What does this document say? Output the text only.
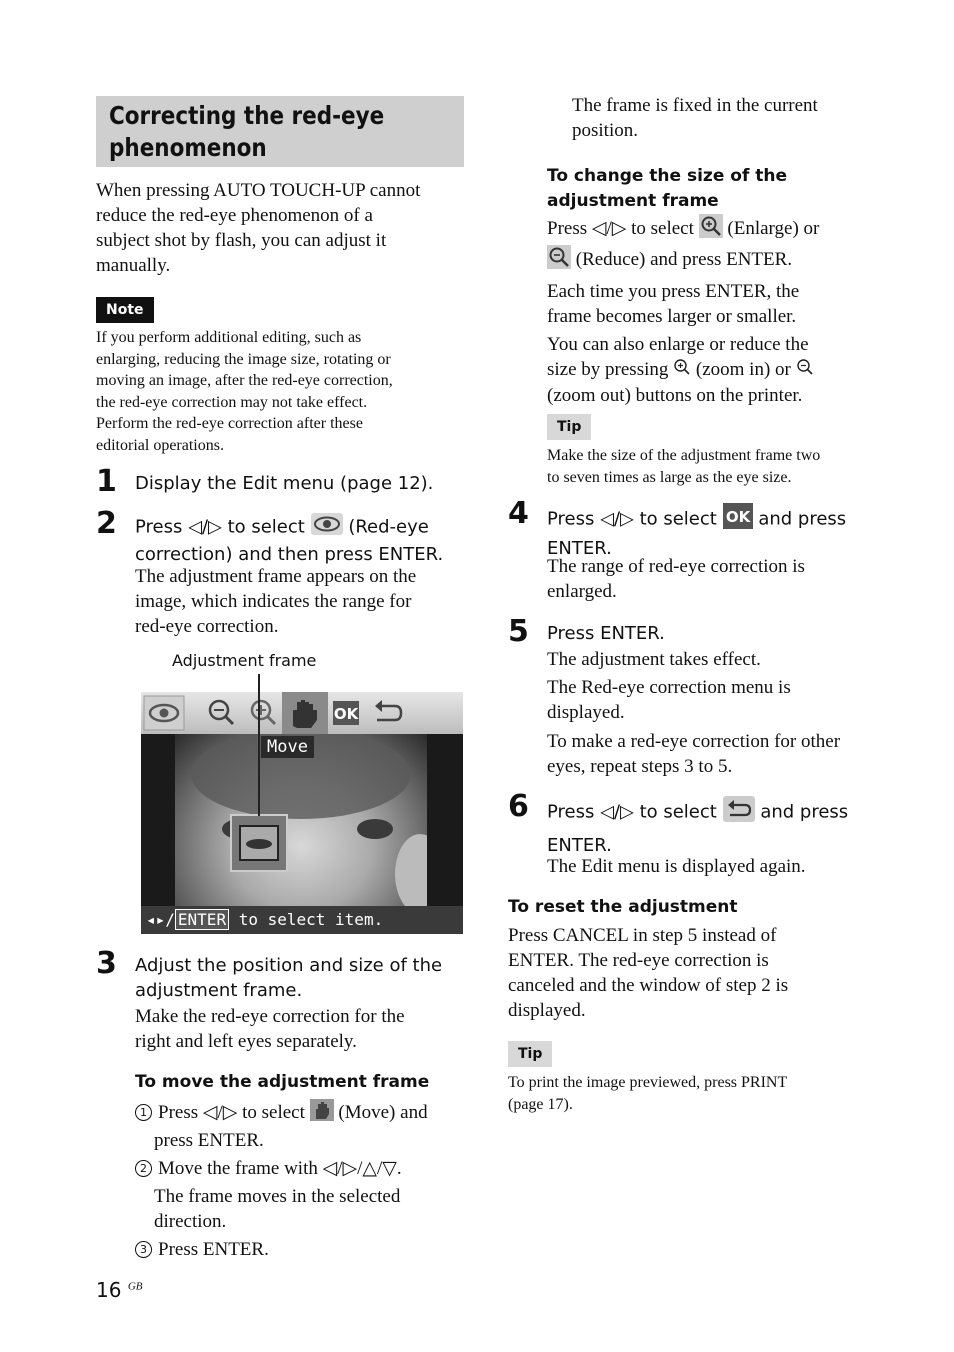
Correcting the red-eye
phenomenon
When pressing AUTO TOUCH-UP cannot
reduce the red-eye phenomenon of a
subject shot by flash, you can adjust it
manually.
Note
If you perform additional editing, such as
enlarging, reducing the image size, rotating or
moving an image, after the red-eye correction,
the red-eye correction may not take effect.
Perform the red-eye correction after these
editorial operations.
1 Display the Edit menu (page 12).
2 Press ◁/▷ to select (Red-eye
correction) and then press ENTER.
The adjustment frame appears on the
image, which indicates the range for
red-eye correction.
Adjustment frame
OK
Move
◂▸/ ENTER to select item.
3 Adjust the position and size of the
adjustment frame.
Make the red-eye correction for the
right and left eyes separately.
To move the adjustment frame
1 Press ◁/▷ to select (Move) and
press ENTER.
2 Move the frame with ◁/▷/△/▽.
The frame moves in the selected
direction.
3 Press ENTER.
16 $^{GB}$
The frame is fixed in the current
position.
To change the size of the
adjustment frame
Press ◁/▷ to select (Enlarge) or
(Reduce) and press ENTER.
Each time you press ENTER, the
frame becomes larger or smaller.
You can also enlarge or reduce the
size by pressing (zoom in) or
(zoom out) buttons on the printer.
Tip
Make the size of the adjustment frame two
to seven times as large as the eye size.
4 Press ◁/▷ to select OK and press
ENTER.
The range of red-eye correction is
enlarged.
5 Press ENTER.
The adjustment takes effect.
The Red-eye correction menu is
displayed.
To make a red-eye correction for other
eyes, repeat steps 3 to 5.
6 Press ◁/▷ to select and press
ENTER.
The Edit menu is displayed again.
To reset the adjustment
Press CANCEL in step 5 instead of
ENTER. The red-eye correction is
canceled and the window of step 2 is
displayed.
Tip
To print the image previewed, press PRINT
(page 17).
